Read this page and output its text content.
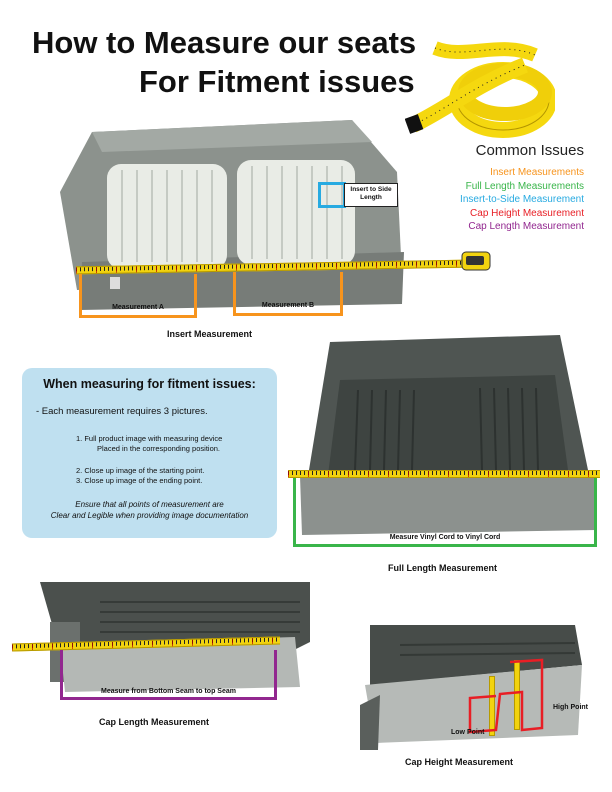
How to Measure our seats
For Fitment issues
Common Issues
Insert Measurements
Full Length Measurements
Insert-to-Side Measurement
Cap Height Measurement
Cap Length Measurement
Insert to Side
Length
Measurement A	Measurement B
Insert Measurement
When measuring for fitment issues:
- Each measurement requires 3 pictures.
1. Full product image with measuring device
Placed in the corresponding position.
2. Close up image of the starting point.
3. Close up image of the ending point.
Ensure that all points of measurement are
Clear and Legible when providing image documentation
Measure Vinyl Cord to Vinyl Cord
Full Length Measurement
Measure from Bottom Seam to top Seam
Cap Length Measurement
High Point
Low Point
Cap Height Measurement
